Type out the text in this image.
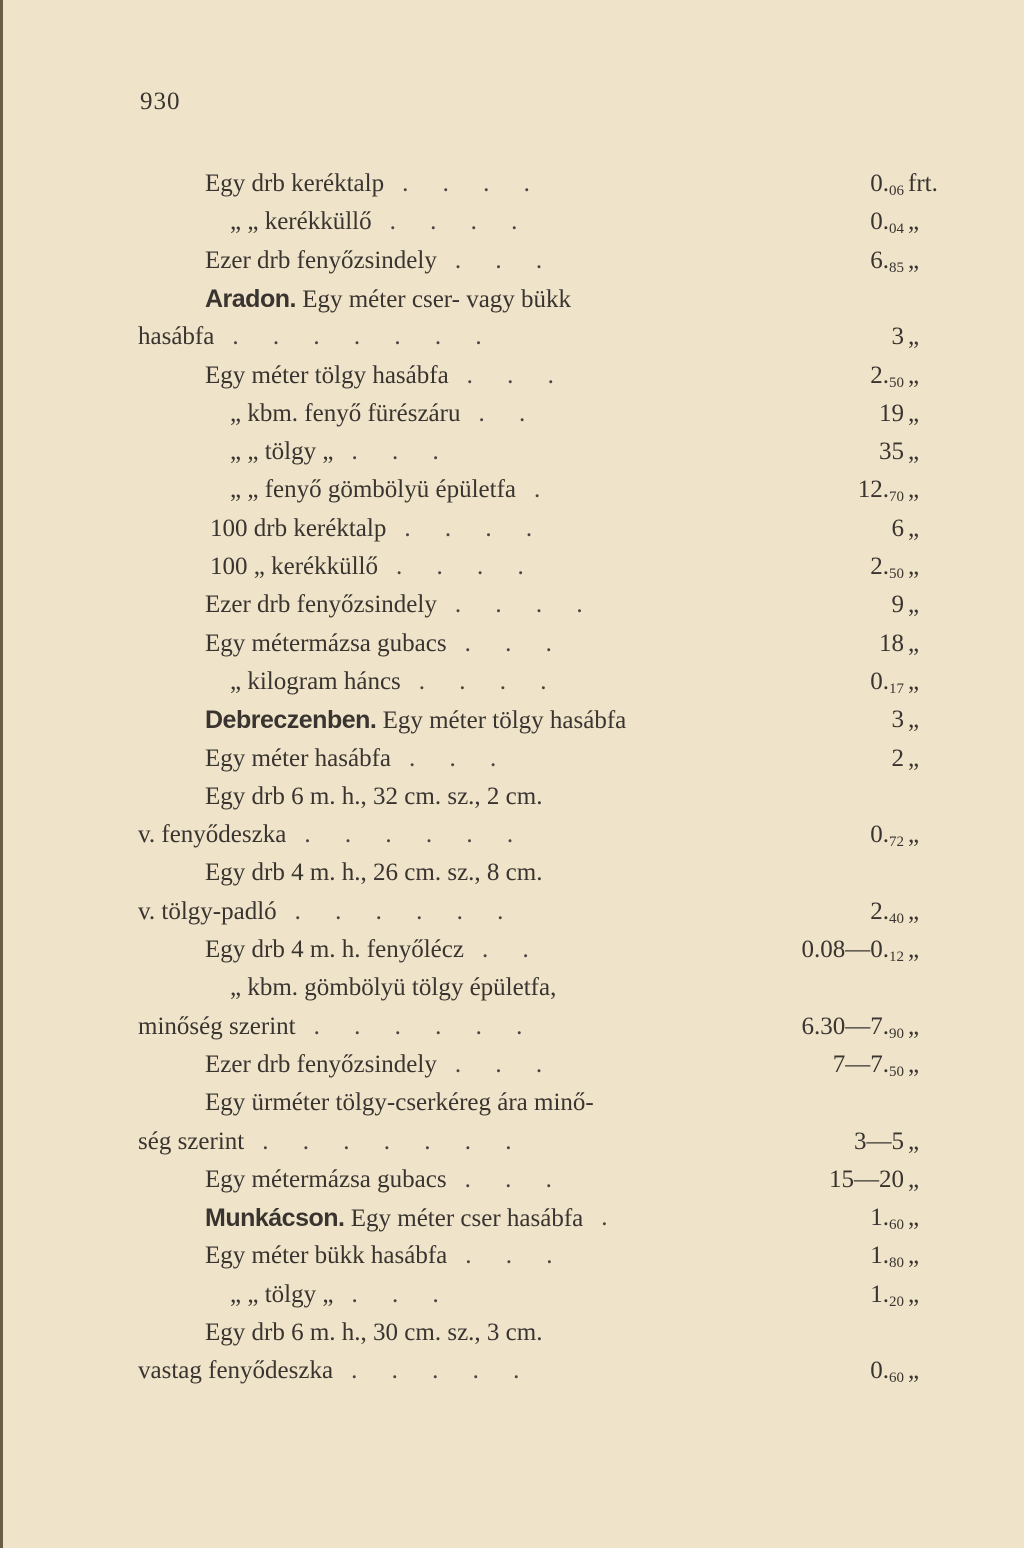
930
Egy drb keréktalp . . . .	$0._{06}$ frt.
„ „ kerékküllő . . . .	$0._{04}$ „
Ezer drb fenyőzsindely . . .	$6._{85}$ „
Aradon. Egy méter cser- vagy bükk
hasábfa . . . . . . .	3 „
Egy méter tölgy hasábfa . . .	$2._{50}$ „
„ kbm. fenyő fürészáru . .	19 „
„ „ tölgy „ . . .	35 „
„ „ fenyő gömbölyü épületfa .	$12._{70}$ „
100 drb keréktalp . . . .	6 „
100 „ kerékküllő . . . .	$2._{50}$ „
Ezer drb fenyőzsindely . . . .	9 „
Egy métermázsa gubacs . . .	18 „
„ kilogram háncs . . . .	$0._{17}$ „
Debreczenben. Egy méter tölgy hasábfa	3 „
Egy méter hasábfa . . .	2 „
Egy drb 6 m. h., 32 cm. sz., 2 cm.
v. fenyődeszka . . . . . .	$0._{72}$ „
Egy drb 4 m. h., 26 cm. sz., 8 cm.
v. tölgy-padló . . . . . .	$2._{40}$ „
Egy drb 4 m. h. fenyőlécz . .	$0.08—0._{12}$ „
„ kbm. gömbölyü tölgy épületfa,
minőség szerint . . . . . .	$6.30—7._{90}$ „
Ezer drb fenyőzsindely . . .	$7—7._{50}$ „
Egy ürméter tölgy-cserkéreg ára minő-
ség szerint . . . . . . .	3—5 „
Egy métermázsa gubacs . . .	15—20 „
Munkácson. Egy méter cser hasábfa .	$1._{60}$ „
Egy méter bükk hasábfa . . .	$1._{80}$ „
„ „ tölgy „ . . .	$1._{20}$ „
Egy drb 6 m. h., 30 cm. sz., 3 cm.
vastag fenyődeszka . . . . .	$0._{60}$ „
